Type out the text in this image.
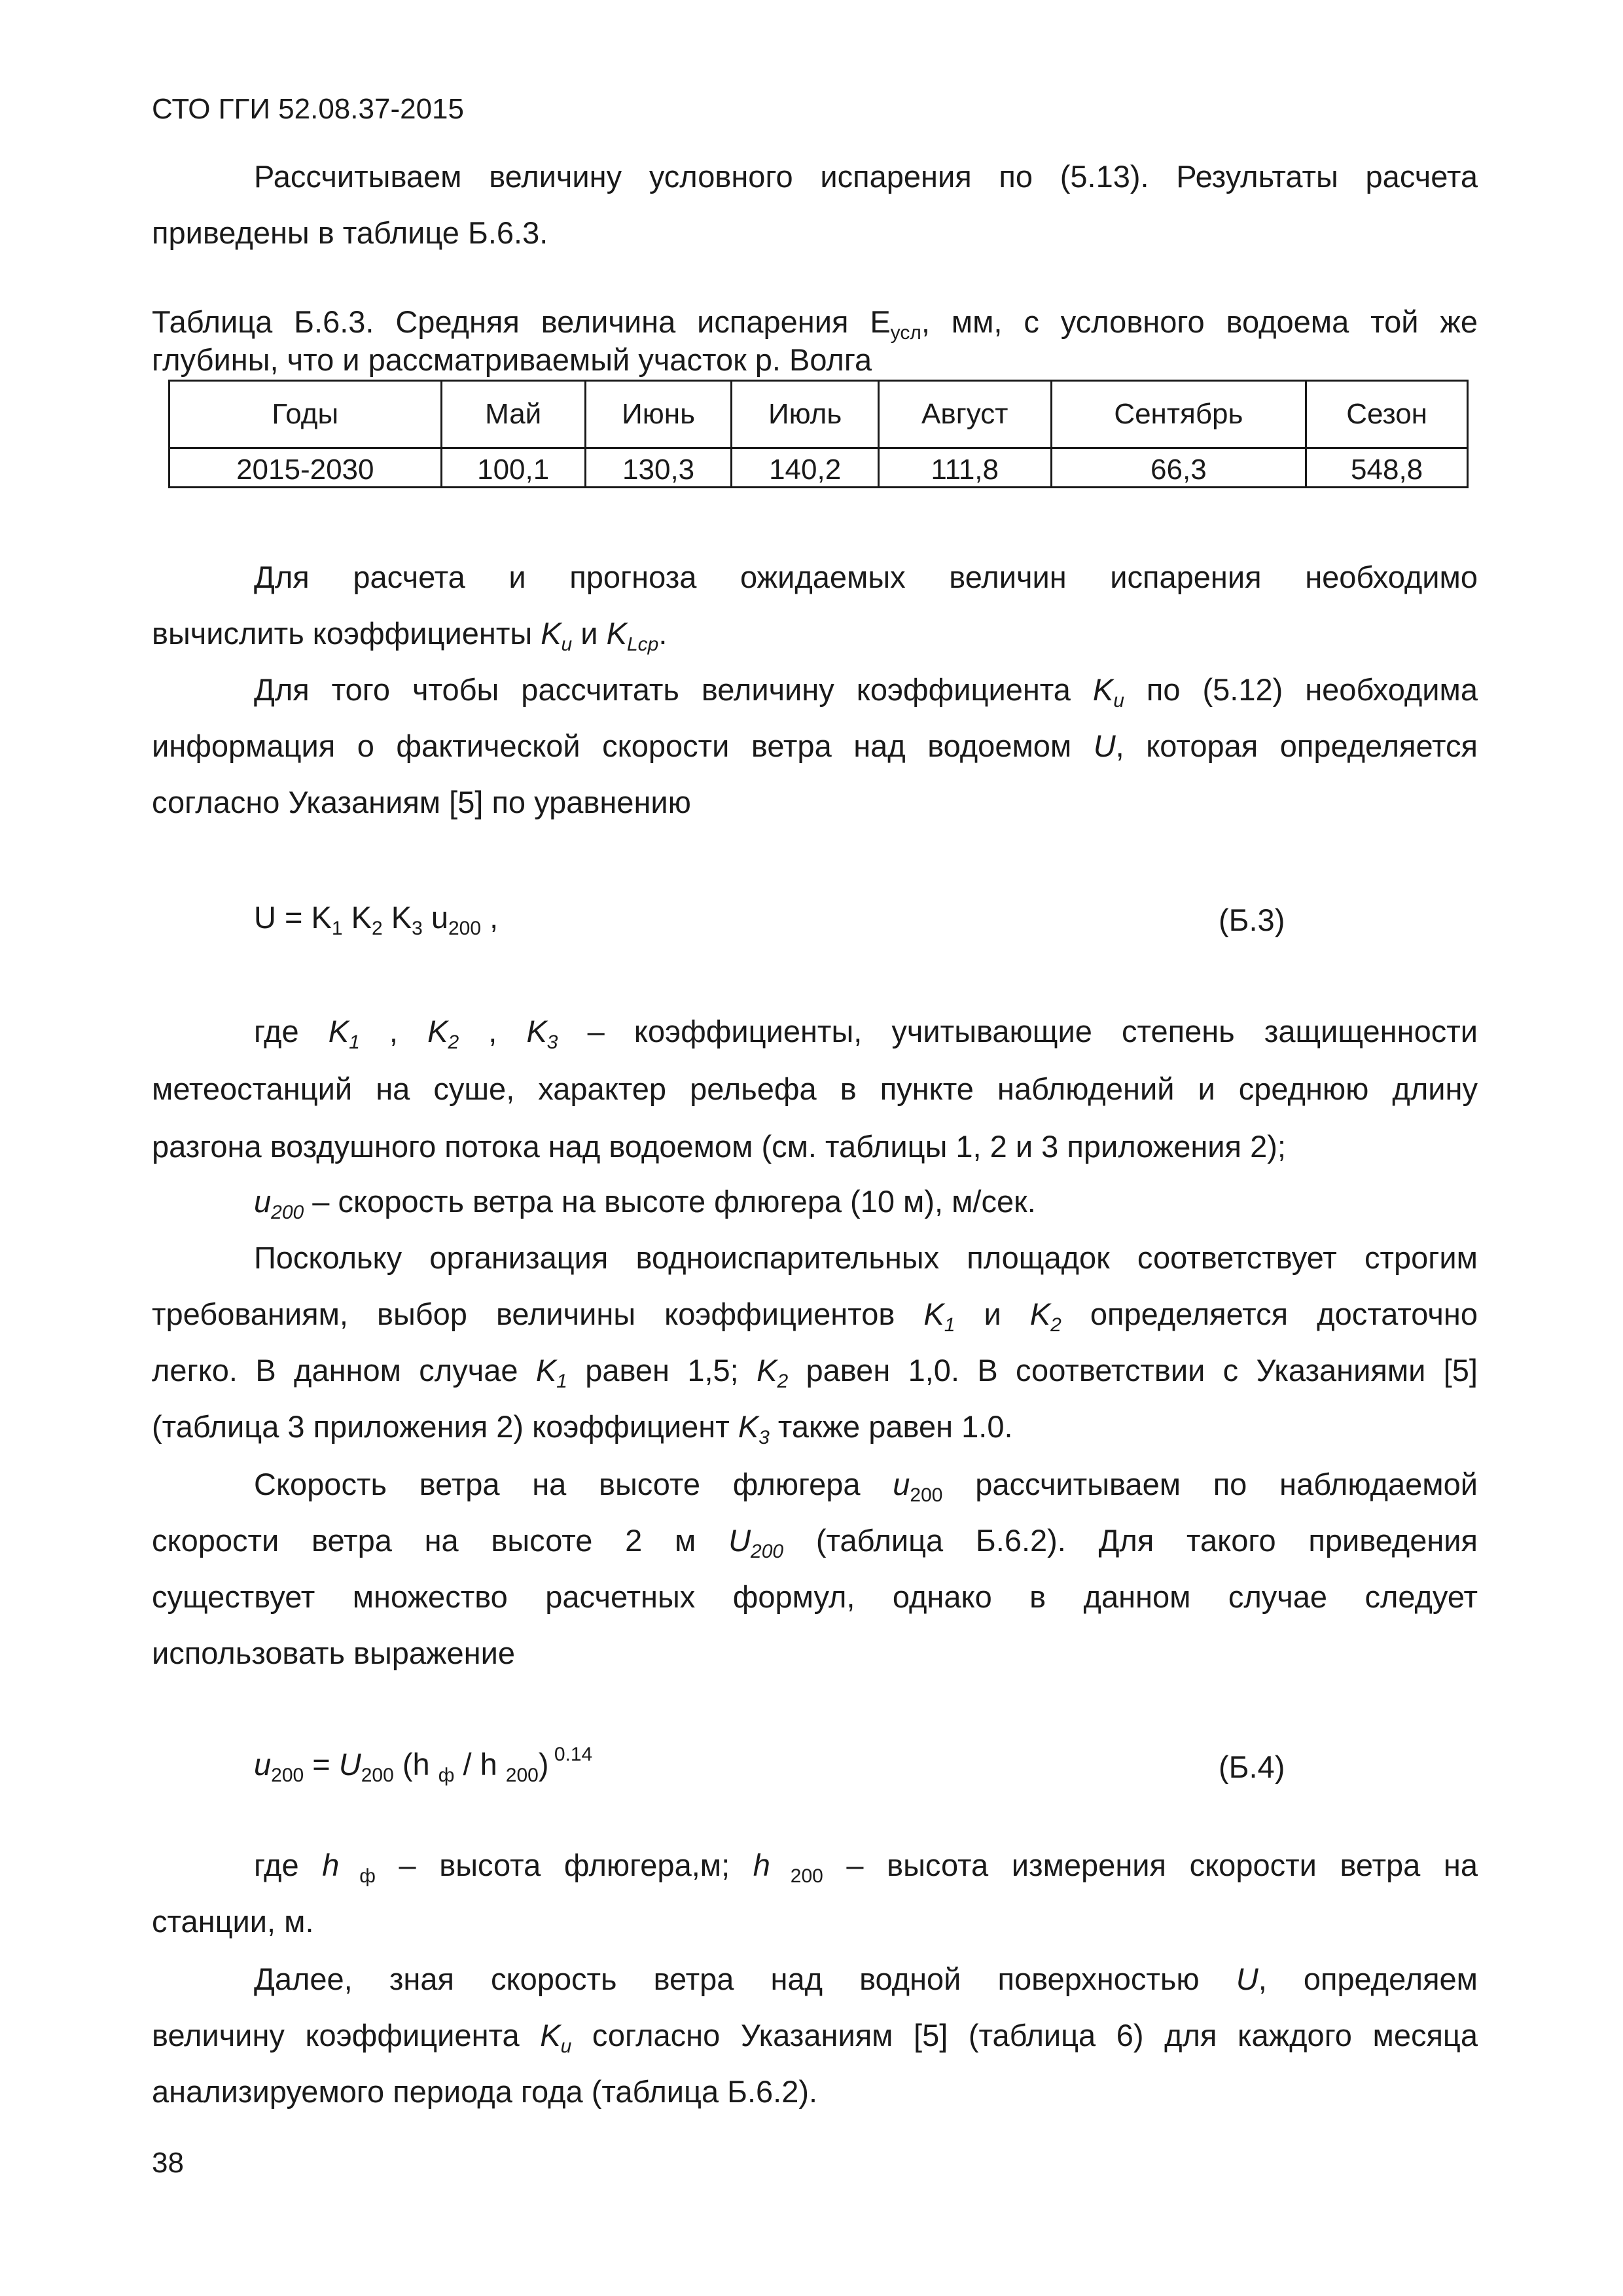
СТО ГГИ 52.08.37-2015
Рассчитываем величину условного испарения по (5.13). Результаты расчета
приведены в таблице Б.6.3.
Таблица Б.6.3. Средняя величина испарения $Е_{усл}$, мм, с условного водоема той же
глубины, что и рассматриваемый участок р. Волга
Годы	Май	Июнь	Июль	Август	Сентябрь	Сезон
2015-2030	100,1	130,3	140,2	111,8	66,3	548,8
Для расчета и прогноза ожидаемых величин испарения необходимо
вычислить коэффициенты $K_u$ и $K_{Lср}$.
Для того чтобы рассчитать величину коэффициента $K_u$ по (5.12) необходима
информация о фактической скорости ветра над водоемом U, которая определяется
согласно Указаниям [5] по уравнению
$U = K_1$ $K_2$ $K_3$ $u_{200}$ ,	(Б.3)
где $K_1$ , $K_2$ , $K_3$ – коэффициенты, учитывающие степень защищенности
метеостанций на суше, характер рельефа в пункте наблюдений и среднюю длину
разгона воздушного потока над водоемом (см. таблицы 1, 2 и 3 приложения 2);
$u_{200}$ – скорость ветра на высоте флюгера (10 м), м/сек.
Поскольку организация водноиспарительных площадок соответствует строгим
требованиям, выбор величины коэффициентов $K_1$ и $K_2$ определяется достаточно
легко. В данном случае $K_1$ равен 1,5; $K_2$ равен 1,0. В соответствии с Указаниями [5]
(таблица 3 приложения 2) коэффициент $K_3$ также равен 1.0.
Скорость ветра на высоте флюгера $u_{200}$ рассчитываем по наблюдаемой
скорости ветра на высоте 2 м $U_{200}$ (таблица Б.6.2). Для такого приведения
существует множество расчетных формул, однако в данном случае следует
использовать выражение
$u_{200} = U_{200}$ (h $_ф$ / h $_{200}$) $^{0.14}$	(Б.4)
где h $_ф$ – высота флюгера,м; h $_{200}$ – высота измерения скорости ветра на
станции, м.
Далее, зная скорость ветра над водной поверхностью U, определяем
величину коэффициента $K_u$ согласно Указаниям [5] (таблица 6) для каждого месяца
анализируемого периода года (таблица Б.6.2).
38
